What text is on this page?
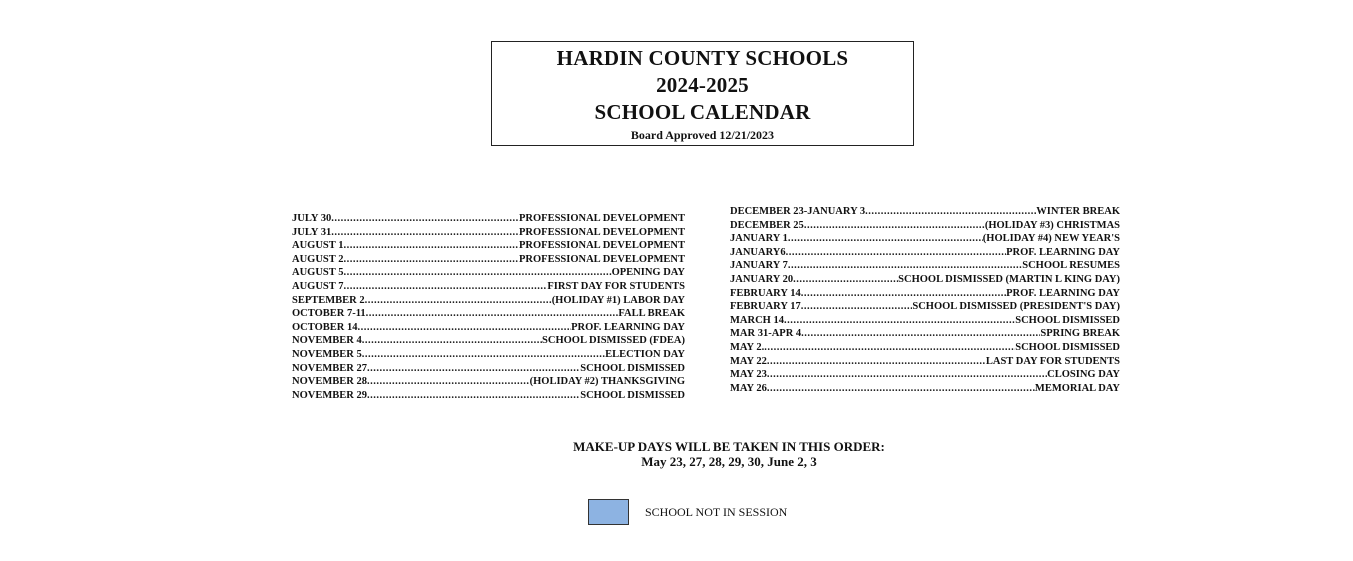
HARDIN COUNTY SCHOOLS
2024-2025
SCHOOL CALENDAR
Board Approved 12/21/2023
JULY 30 .....	PROFESSIONAL DEVELOPMENT
JULY 31 .....	PROFESSIONAL DEVELOPMENT
AUGUST 1 .....	PROFESSIONAL DEVELOPMENT
AUGUST 2 .....	PROFESSIONAL DEVELOPMENT
AUGUST 5 .....	OPENING DAY
AUGUST 7 .....	FIRST DAY FOR STUDENTS
SEPTEMBER 2 .....	(HOLIDAY #1) LABOR DAY
OCTOBER 7-11 .....	FALL BREAK
OCTOBER 14 .....	PROF. LEARNING DAY
NOVEMBER 4 .....	SCHOOL DISMISSED (FDEA)
NOVEMBER 5 .....	ELECTION DAY
NOVEMBER 27 .....	SCHOOL DISMISSED
NOVEMBER 28 .....	(HOLIDAY #2) THANKSGIVING
NOVEMBER 29 .....	SCHOOL DISMISSED
DECEMBER 23-JANUARY 3 .....	WINTER BREAK
DECEMBER 25 .....	(HOLIDAY #3) CHRISTMAS
JANUARY 1 .....	(HOLIDAY #4) NEW YEAR'S
JANUARY6 .....	PROF. LEARNING DAY
JANUARY 7 .....	SCHOOL RESUMES
JANUARY 20 .....	SCHOOL DISMISSED (MARTIN L KING DAY)
FEBRUARY 14 .....	PROF. LEARNING DAY
FEBRUARY 17 .....	SCHOOL DISMISSED (PRESIDENT'S DAY)
MARCH 14 .....	SCHOOL DISMISSED
MAR 31-APR 4 .....	SPRING BREAK
MAY 2. .....	SCHOOL DISMISSED
MAY 22 .....	LAST DAY FOR STUDENTS
MAY 23 .....	CLOSING DAY
MAY 26 .....	MEMORIAL DAY
MAKE-UP DAYS WILL BE TAKEN IN THIS ORDER:
May 23, 27, 28, 29, 30, June 2, 3
SCHOOL NOT IN SESSION
